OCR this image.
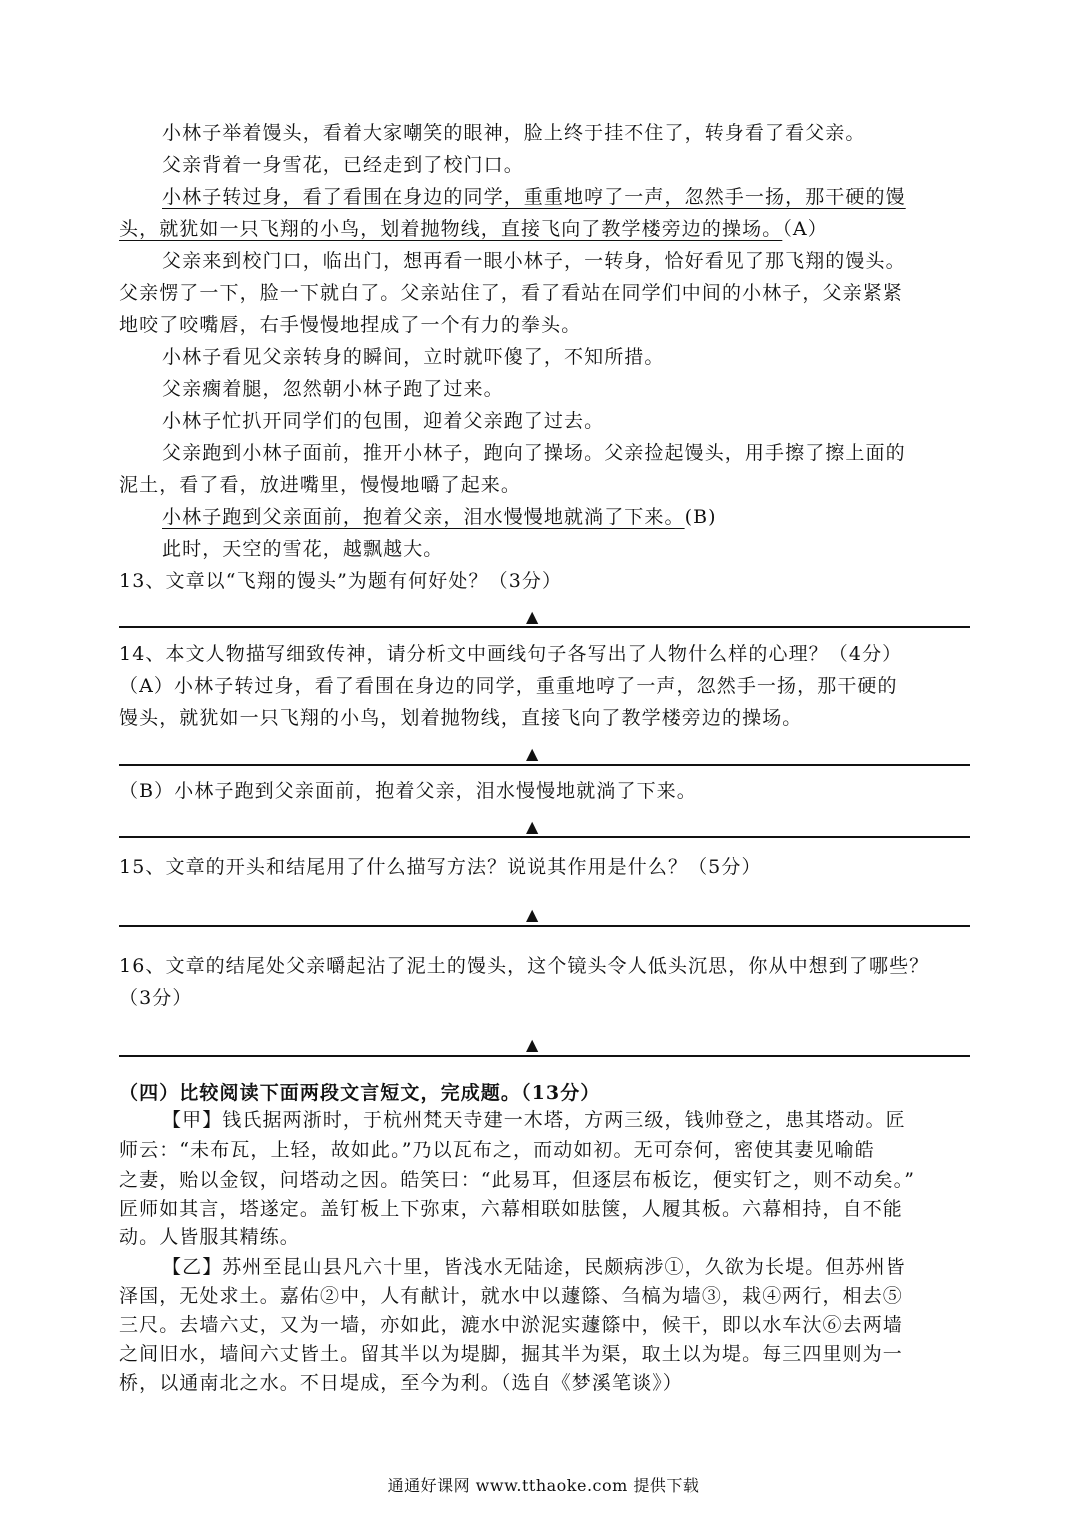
小林子举着馒头，看着大家嘲笑的眼神，脸上终于挂不住了，转身看了看父亲。
父亲背着一身雪花，已经走到了校门口。
小林子转过身，看了看围在身边的同学，重重地哼了一声，忽然手一扬，那干硬的馒
头，就犹如一只飞翔的小鸟，划着抛物线，直接飞向了教学楼旁边的操场。（A）
父亲来到校门口，临出门，想再看一眼小林子，一转身，恰好看见了那飞翔的馒头。
父亲愣了一下，脸一下就白了。父亲站住了，看了看站在同学们中间的小林子，父亲紧紧
地咬了咬嘴唇，右手慢慢地捏成了一个有力的拳头。
小林子看见父亲转身的瞬间，立时就吓傻了，不知所措。
父亲瘸着腿，忽然朝小林子跑了过来。
小林子忙扒开同学们的包围，迎着父亲跑了过去。
父亲跑到小林子面前，推开小林子，跑向了操场。父亲捡起馒头，用手擦了擦上面的
泥土，看了看，放进嘴里，慢慢地嚼了起来。
小林子跑到父亲面前，抱着父亲，泪水慢慢地就淌了下来。(B)
此时，天空的雪花，越飘越大。
13、文章以“飞翔的馒头”为题有何好处？（3分）
▲
14、本文人物描写细致传神，请分析文中画线句子各写出了人物什么样的心理？（4分）
（A）小林子转过身，看了看围在身边的同学，重重地哼了一声，忽然手一扬，那干硬的
馒头，就犹如一只飞翔的小鸟，划着抛物线，直接飞向了教学楼旁边的操场。
▲
（B）小林子跑到父亲面前，抱着父亲，泪水慢慢地就淌了下来。
▲
15、文章的开头和结尾用了什么描写方法？说说其作用是什么？（5分）
▲
16、文章的结尾处父亲嚼起沾了泥土的馒头，这个镜头令人低头沉思，你从中想到了哪些？
（3分）
▲
（四）比较阅读下面两段文言短文，完成题。（13分）
【甲】钱氏据两浙时，于杭州梵天寺建一木塔，方两三级，钱帅登之，患其塔动。匠
师云：“未布瓦，上轻，故如此。”乃以瓦布之，而动如初。无可奈何，密使其妻见喻皓
之妻，贻以金钗，问塔动之因。皓笑曰：“此易耳，但逐层布板讫，便实钉之，则不动矣。”
匠师如其言，塔遂定。盖钉板上下弥束，六幕相联如胠箧，人履其板。六幕相持，自不能
动。人皆服其精练。
【乙】苏州至昆山县凡六十里，皆浅水无陆途，民颇病涉①，久欲为长堤。但苏州皆
泽国，无处求土。嘉佑②中，人有献计，就水中以蘧篨、刍槁为墙③，栽④两行，相去⑤
三尺。去墙六丈，又为一墙，亦如此，漉水中淤泥实蘧篨中，候干，即以水车汏⑥去两墙
之间旧水，墙间六丈皆土。留其半以为堤脚，掘其半为渠，取土以为堤。每三四里则为一
桥，以通南北之水。不日堤成，至今为利。（选自《梦溪笔谈》）
通通好课网 www.tthaoke.com 提供下载
